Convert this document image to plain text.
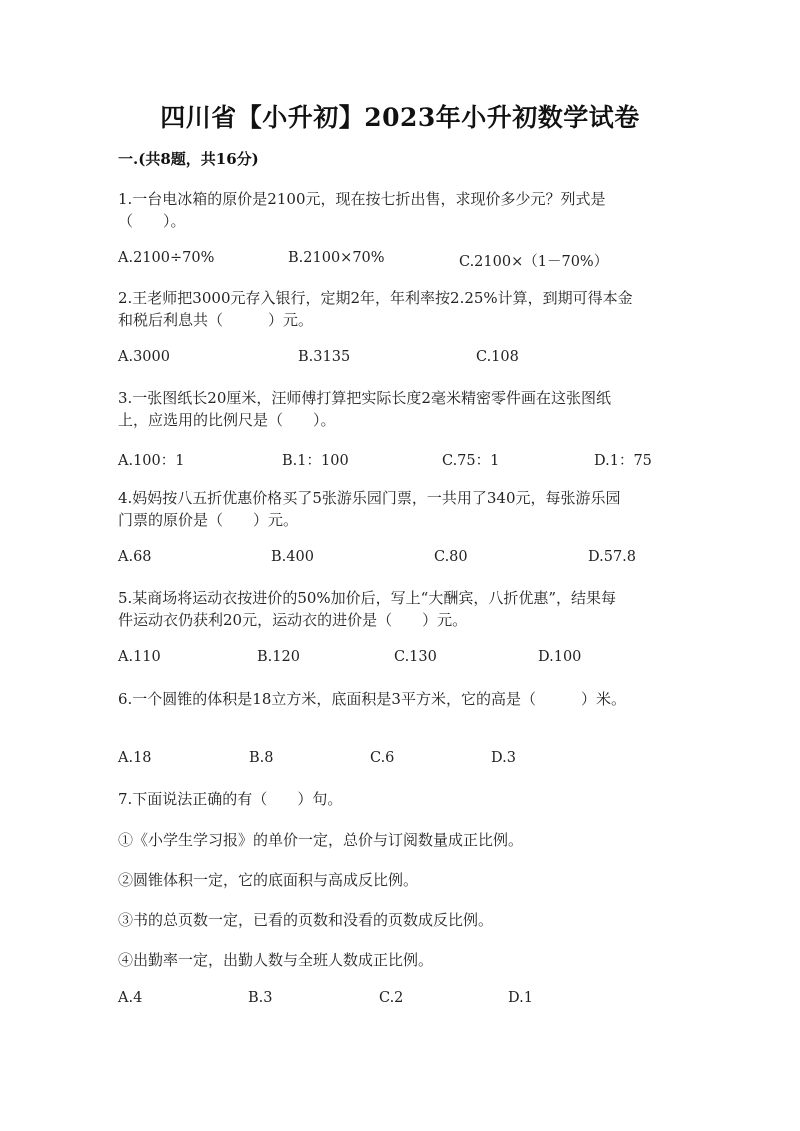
四川省【小升初】2023年小升初数学试卷
一.(共8题，共16分)
1.一台电冰箱的原价是2100元，现在按七折出售，求现价多少元？列式是
（　　）。
A.2100÷70%	B.2100×70%	C.2100×（1－70%）
2.王老师把3000元存入银行，定期2年，年利率按2.25%计算，到期可得本金
和税后利息共（　　　）元。
A.3000	B.3135	C.108
3.一张图纸长20厘米，汪师傅打算把实际长度2毫米精密零件画在这张图纸
上，应选用的比例尺是（　　）。
A.100：1	B.1：100	C.75：1	D.1：75
4.妈妈按八五折优惠价格买了5张游乐园门票，一共用了340元，每张游乐园
门票的原价是（　　）元。
A.68	B.400	C.80	D.57.8
5.某商场将运动衣按进价的50%加价后，写上“大酬宾，八折优惠”，结果每
件运动衣仍获利20元，运动衣的进价是（　　）元。
A.110	B.120	C.130	D.100
6.一个圆锥的体积是18立方米，底面积是3平方米，它的高是（　　　）米。
A.18	B.8	C.6	D.3
7.下面说法正确的有（　　）句。
①《小学生学习报》的单价一定，总价与订阅数量成正比例。
②圆锥体积一定，它的底面积与高成反比例。
③书的总页数一定，已看的页数和没看的页数成反比例。
④出勤率一定，出勤人数与全班人数成正比例。
A.4	B.3	C.2	D.1
